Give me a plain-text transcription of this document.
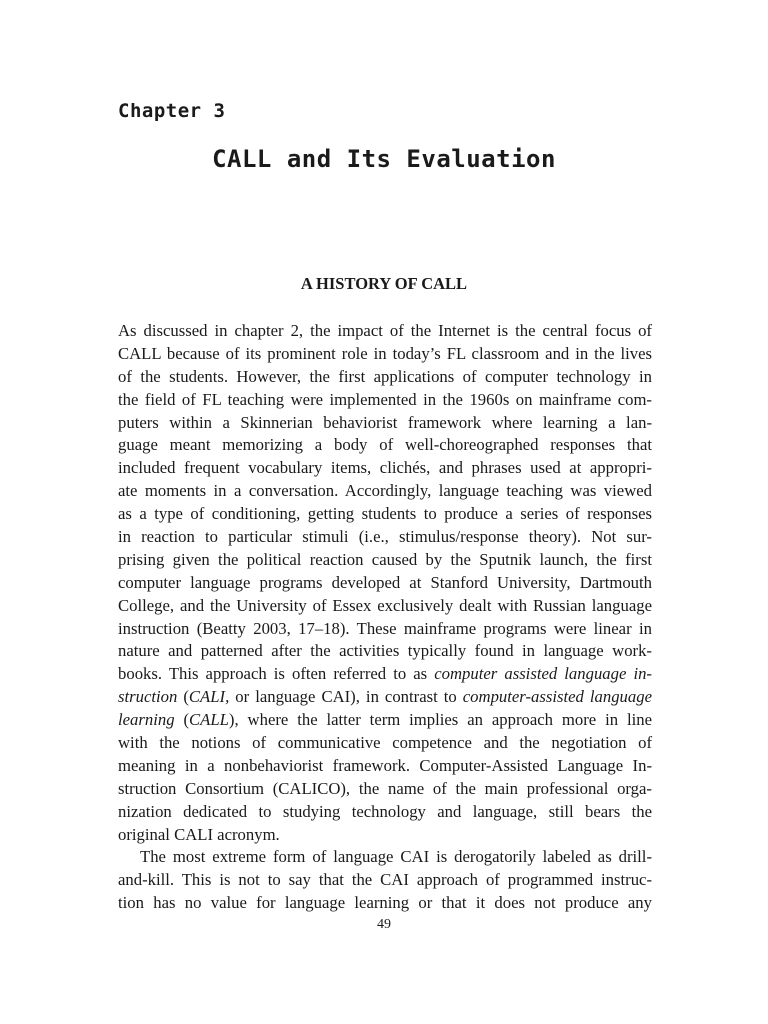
Chapter 3
CALL and Its Evaluation
A HISTORY OF CALL
As discussed in chapter 2, the impact of the Internet is the central focus of
CALL because of its prominent role in today’s FL classroom and in the lives
of the students. However, the first applications of computer technology in
the field of FL teaching were implemented in the 1960s on mainframe com-
puters within a Skinnerian behaviorist framework where learning a lan-
guage meant memorizing a body of well-choreographed responses that
included frequent vocabulary items, clichés, and phrases used at appropri-
ate moments in a conversation. Accordingly, language teaching was viewed
as a type of conditioning, getting students to produce a series of responses
in reaction to particular stimuli (i.e., stimulus/response theory). Not sur-
prising given the political reaction caused by the Sputnik launch, the first
computer language programs developed at Stanford University, Dartmouth
College, and the University of Essex exclusively dealt with Russian language
instruction (Beatty 2003, 17–18). These mainframe programs were linear in
nature and patterned after the activities typically found in language work-
books. This approach is often referred to as computer assisted language in-
struction (CALI, or language CAI), in contrast to computer-assisted language
learning (CALL), where the latter term implies an approach more in line
with the notions of communicative competence and the negotiation of
meaning in a nonbehaviorist framework. Computer-Assisted Language In-
struction Consortium (CALICO), the name of the main professional orga-
nization dedicated to studying technology and language, still bears the
original CALI acronym.
The most extreme form of language CAI is derogatorily labeled as drill-
and-kill. This is not to say that the CAI approach of programmed instruc-
tion has no value for language learning or that it does not produce any
49
